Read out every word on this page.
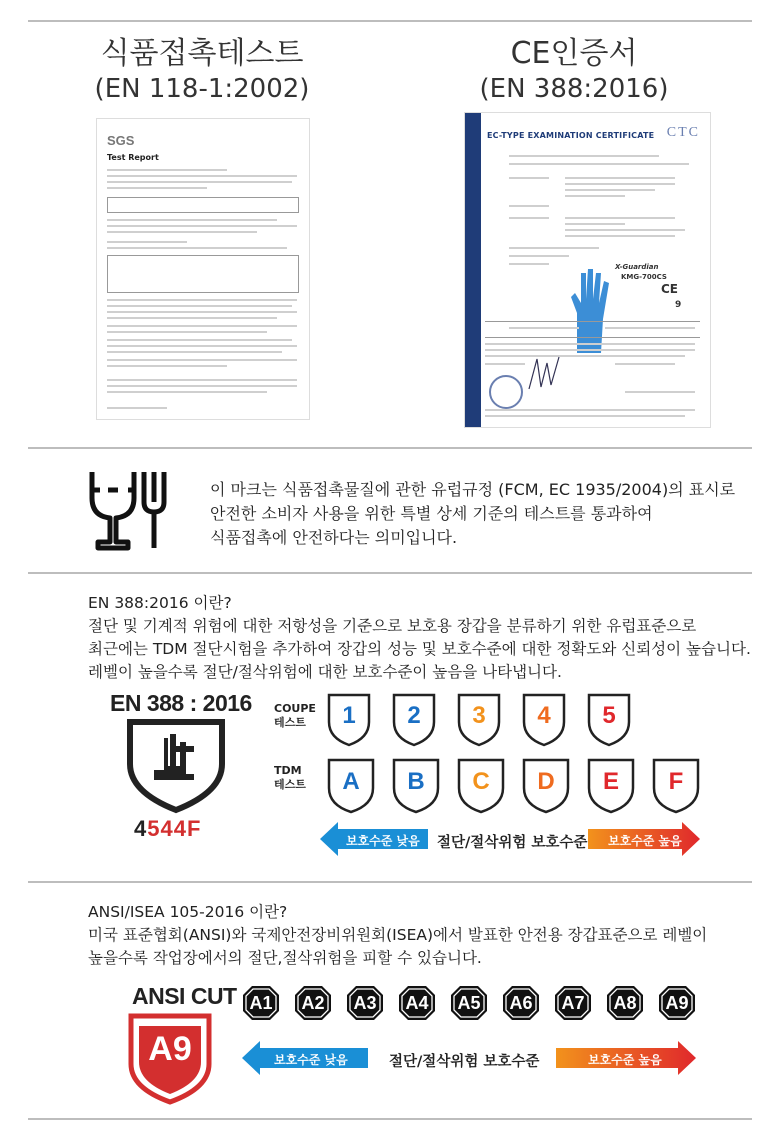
식품접촉테스트
(EN 118-1:2002)
SGS
Test Report
CE인증서
(EN 388:2016)
EC-TYPE EXAMINATION CERTIFICATE CTC
X-Guardian
KMG-700CS
CE
9
이 마크는 식품접촉물질에 관한 유럽규정 (FCM, EC 1935/2004)의 표시로
안전한 소비자 사용을 위한 특별 상세 기준의 테스트를 통과하여
식품접촉에 안전하다는 의미입니다.
EN 388:2016 이란?
절단 및 기계적 위험에 대한 저항성을 기준으로 보호용 장갑을 분류하기 위한 유럽표준으로
최근에는 TDM 절단시험을 추가하여 장갑의 성능 및 보호수준에 대한 정확도와 신뢰성이 높습니다.
레벨이 높을수록 절단/절삭위험에 대한 보호수준이 높음을 나타냅니다.
EN 388 : 2016
4544F
COUPE
테스트
TDM
테스트
1	2	3	4	5
A	B	C	D	E	F
보호수준 낮음 절단/절삭위험 보호수준 보호수준 높음
ANSI/ISEA 105-2016 이란?
미국 표준협회(ANSI)와 국제안전장비위원회(ISEA)에서 발표한 안전용 장갑표준으로 레벨이
높을수록 작업장에서의 절단,절삭위험을 피할 수 있습니다.
ANSI CUT
A9
A1	A2	A3	A4	A5	A6	A7	A8	A9
보호수준 낮음	절단/절삭위험 보호수준	보호수준 높음
